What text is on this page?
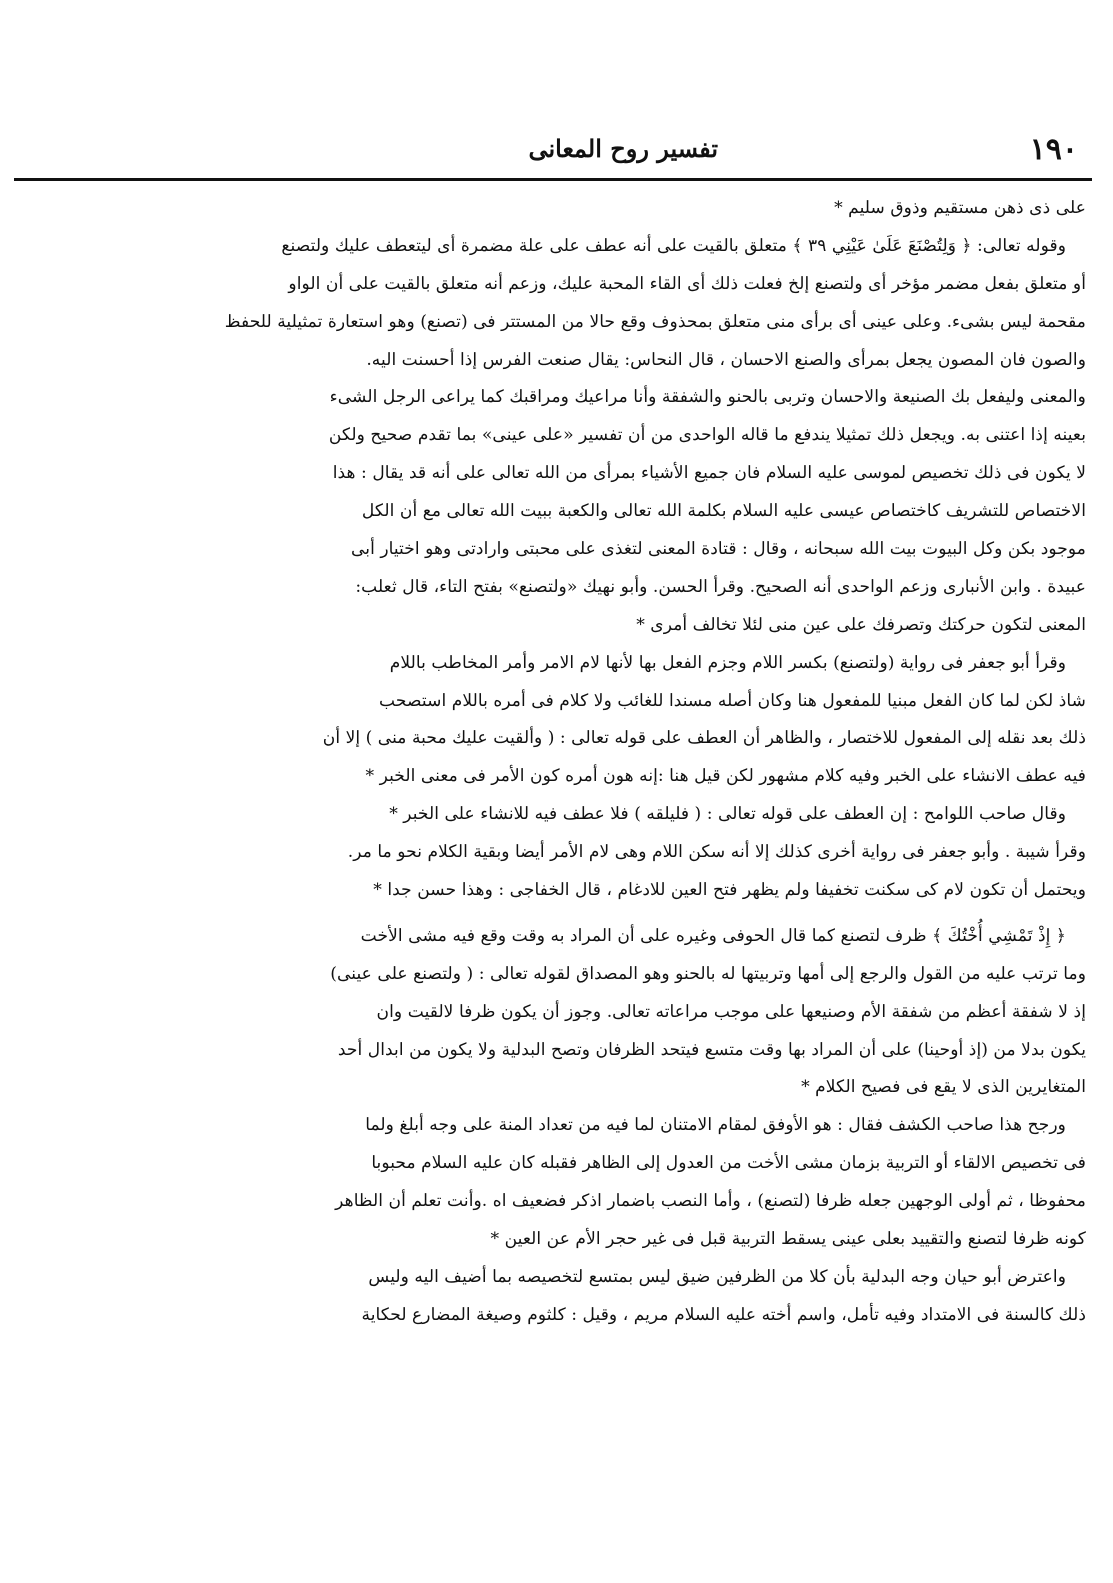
١٩٠
تفسير روح المعانى
على ذى ذهن مستقيم وذوق سليم *
وقوله تعالى: ﴿ وَلِتُصْنَعَ عَلَىٰ عَيْنِي ٣٩ ﴾ متعلق بالقيت على أنه عطف على علة مضمرة أى ليتعطف عليك ولتصنع
أو متعلق بفعل مضمر مؤخر أى ولتصنع إلخ فعلت ذلك أى القاء المحبة عليك، وزعم أنه متعلق بالقيت على أن الواو
مقحمة ليس بشىء. وعلى عينى أى برأى منى متعلق بمحذوف وقع حالا من المستتر فى (تصنع) وهو استعارة تمثيلية للحفظ
والصون فان المصون يجعل بمرأى والصنع الاحسان ، قال النحاس: يقال صنعت الفرس إذا أحسنت اليه.
والمعنى وليفعل بك الصنيعة والاحسان وتربى بالحنو والشفقة وأنا مراعيك ومراقبك كما يراعى الرجل الشىء
بعينه إذا اعتنى به. ويجعل ذلك تمثيلا يندفع ما قاله الواحدى من أن تفسير «على عينى» بما تقدم صحيح ولكن
لا يكون فى ذلك تخصيص لموسى عليه السلام فان جميع الأشياء بمرأى من الله تعالى على أنه قد يقال : هذا
الاختصاص للتشريف كاختصاص عيسى عليه السلام بكلمة الله تعالى والكعبة ببيت الله تعالى مع أن الكل
موجود بكن وكل البيوت بيت الله سبحانه ، وقال : قتادة المعنى لتغذى على محبتى وارادتى وهو اختيار أبى
عبيدة . وابن الأنبارى وزعم الواحدى أنه الصحيح. وقرأ الحسن. وأبو نهيك «ولتصنع» بفتح التاء، قال ثعلب:
المعنى لتكون حركتك وتصرفك على عين منى لئلا تخالف أمرى *
وقرأ أبو جعفر فى رواية (ولتصنع) بكسر اللام وجزم الفعل بها لأنها لام الامر وأمر المخاطب باللام
شاذ لكن لما كان الفعل مبنيا للمفعول هنا وكان أصله مسندا للغائب ولا كلام فى أمره باللام استصحب
ذلك بعد نقله إلى المفعول للاختصار ، والظاهر أن العطف على قوله تعالى : ( وألقيت عليك محبة منى ) إلا أن
فيه عطف الانشاء على الخبر وفيه كلام مشهور لكن قيل هنا :إنه هون أمره كون الأمر فى معنى الخبر *
وقال صاحب اللوامح : إن العطف على قوله تعالى : ( فليلقه ) فلا عطف فيه للانشاء على الخبر *
وقرأ شيبة . وأبو جعفر فى رواية أخرى كذلك إلا أنه سكن اللام وهى لام الأمر أيضا وبقية الكلام نحو ما مر.
ويحتمل أن تكون لام كى سكنت تخفيفا ولم يظهر فتح العين للادغام ، قال الخفاجى : وهذا حسن جدا *
﴿ إِذْ تَمْشِي أُخْتُكَ ﴾ ظرف لتصنع كما قال الحوفى وغيره على أن المراد به وقت وقع فيه مشى الأخت
وما ترتب عليه من القول والرجع إلى أمها وتربيتها له بالحنو وهو المصداق لقوله تعالى : ( ولتصنع على عينى)
إذ لا شفقة أعظم من شفقة الأم وصنيعها على موجب مراعاته تعالى. وجوز أن يكون ظرفا لالقيت وان
يكون بدلا من (إذ أوحينا) على أن المراد بها وقت متسع فيتحد الظرفان وتصح البدلية ولا يكون من ابدال أحد
المتغايرين الذى لا يقع فى فصيح الكلام *
ورجح هذا صاحب الكشف فقال : هو الأوفق لمقام الامتنان لما فيه من تعداد المنة على وجه أبلغ ولما
فى تخصيص الالقاء أو التربية بزمان مشى الأخت من العدول إلى الظاهر فقبله كان عليه السلام محبوبا
محفوظا ، ثم أولى الوجهين جعله ظرفا (لتصنع) ، وأما النصب باضمار اذكر فضعيف اه .وأنت تعلم أن الظاهر
كونه ظرفا لتصنع والتقييد بعلى عينى يسقط التربية قبل فى غير حجر الأم عن العين *
واعترض أبو حيان وجه البدلية بأن كلا من الظرفين ضيق ليس بمتسع لتخصيصه بما أضيف اليه وليس
ذلك كالسنة فى الامتداد وفيه تأمل، واسم أخته عليه السلام مريم ، وقيل : كلثوم وصيغة المضارع لحكاية
